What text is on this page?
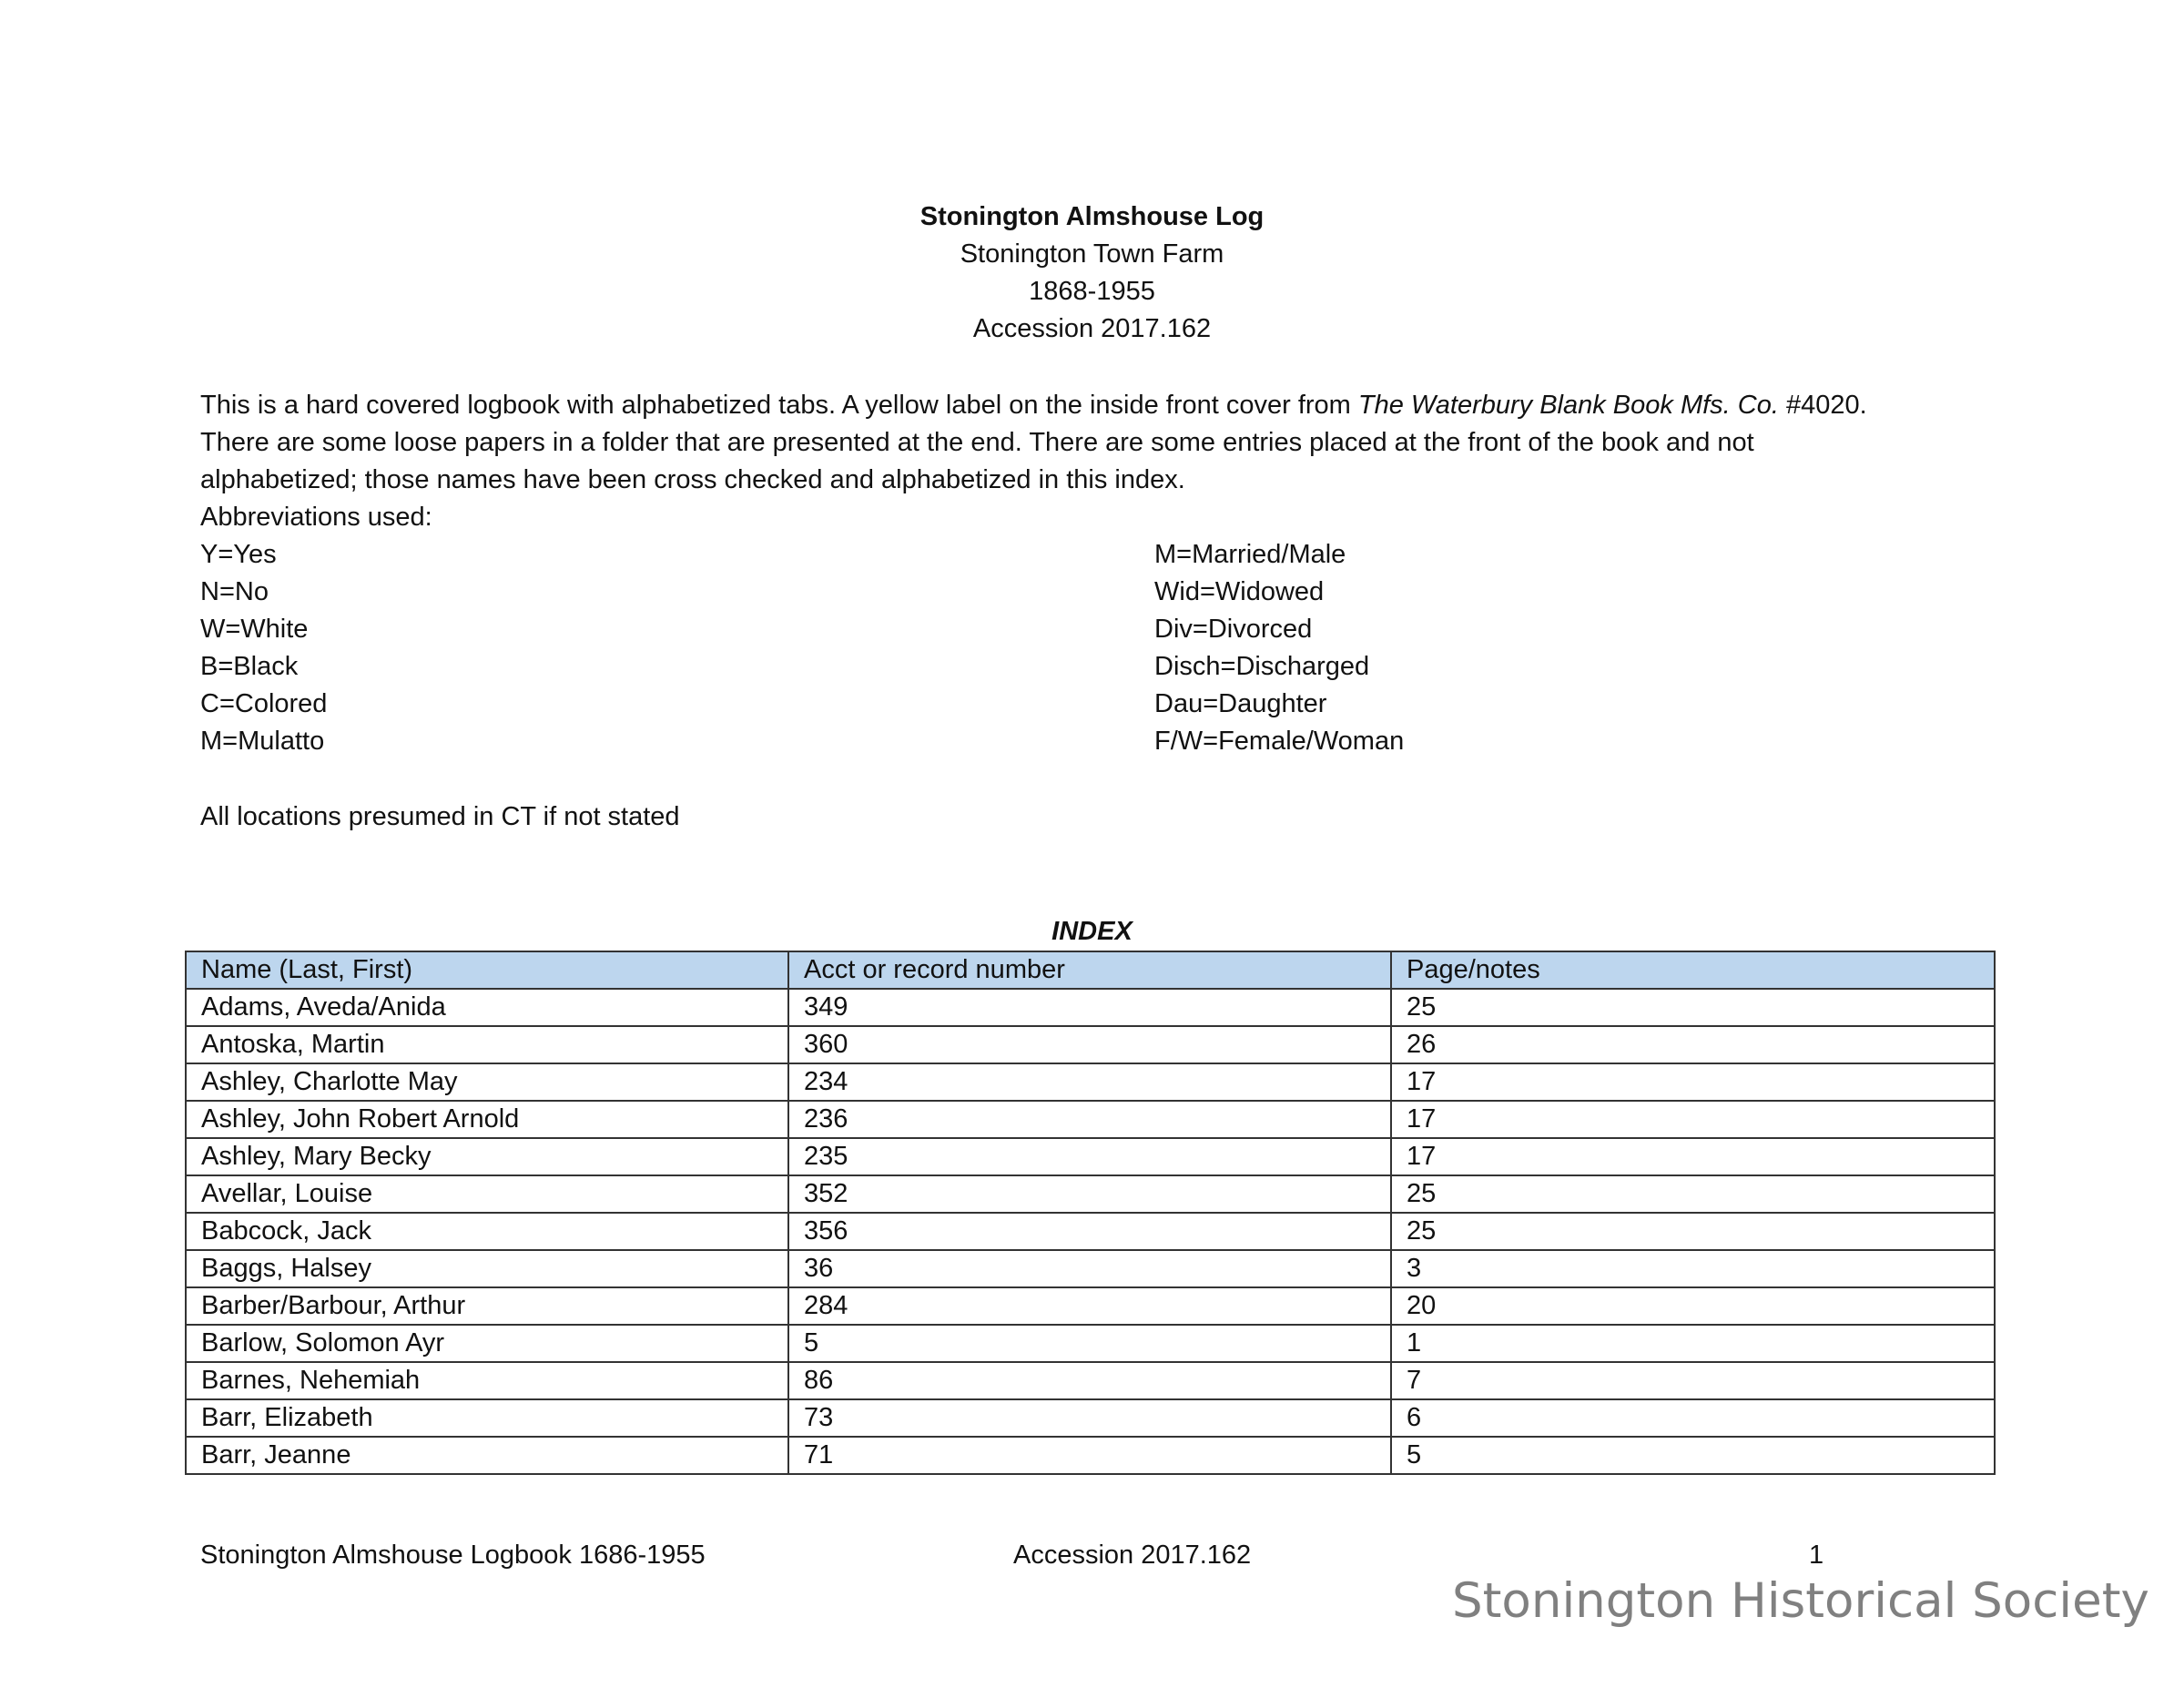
Stonington Almshouse Log
Stonington Town Farm
1868-1955
Accession 2017.162

This is a hard covered logbook with alphabetized tabs. A yellow label on the inside front cover from The Waterbury Blank Book Mfs. Co. #4020.

There are some loose papers in a folder that are presented at the end. There are some entries placed at the front of the book and not

alphabetized; those names have been cross checked and alphabetized in this index.

Abbreviations used:

Y=Yes
N=No
W=White
B=Black
C=Colored
M=Mulatto
M=Married/Male
Wid=Widowed
Div=Divorced
Disch=Discharged
Dau=Daughter
F/W=Female/Woman
All locations presumed in CT if not stated
INDEX
Name (Last, First)	Acct or record number	Page/notes
Adams, Aveda/Anida	349	25
Antoska, Martin	360	26
Ashley, Charlotte May	234	17
Ashley, John Robert Arnold	236	17
Ashley, Mary Becky	235	17
Avellar, Louise	352	25
Babcock, Jack	356	25
Baggs, Halsey	36	3
Barber/Barbour, Arthur	284	20
Barlow, Solomon Ayr	5	1
Barnes, Nehemiah	86	7
Barr, Elizabeth	73	6
Barr, Jeanne	71	5
Stonington Almshouse Logbook 1686-1955	Accession 2017.162	1
Stonington Historical Society
